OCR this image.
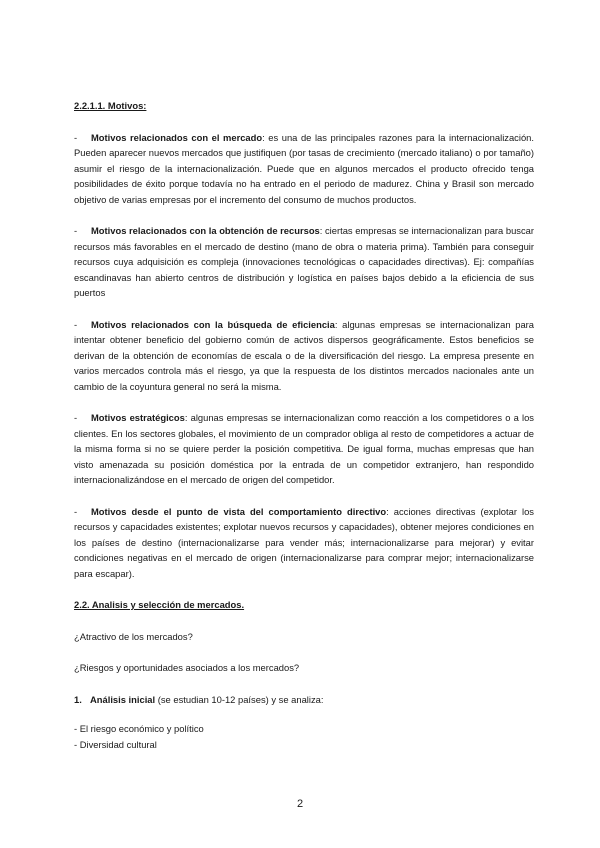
2.2.1.1. Motivos:

- Motivos relacionados con el mercado: es una de las principales razones para la internacionalización. Pueden aparecer nuevos mercados que justifiquen (por tasas de crecimiento (mercado italiano) o por tamaño) asumir el riesgo de la internacionalización. Puede que en algunos mercados el producto ofrecido tenga posibilidades de éxito porque todavía no ha entrado en el periodo de madurez. China y Brasil son mercado objetivo de varias empresas por el incremento del consumo de muchos productos.

- Motivos relacionados con la obtención de recursos: ciertas empresas se internacionalizan para buscar recursos más favorables en el mercado de destino (mano de obra o materia prima). También para conseguir recursos cuya adquisición es compleja (innovaciones tecnológicas o capacidades directivas). Ej: compañías escandinavas han abierto centros de distribución y logística en países bajos debido a la eficiencia de sus puertos

- Motivos relacionados con la búsqueda de eficiencia: algunas empresas se internacionalizan para intentar obtener beneficio del gobierno común de activos dispersos geográficamente. Estos beneficios se derivan de la obtención de economías de escala o de la diversificación del riesgo. La empresa presente en varios mercados controla más el riesgo, ya que la respuesta de los distintos mercados nacionales ante un cambio de la coyuntura general no será la misma.

- Motivos estratégicos: algunas empresas se internacionalizan como reacción a los competidores o a los clientes. En los sectores globales, el movimiento de un comprador obliga al resto de competidores a actuar de la misma forma si no se quiere perder la posición competitiva. De igual forma, muchas empresas que han visto amenazada su posición doméstica por la entrada de un competidor extranjero, han respondido internacionalizándose en el mercado de origen del competidor.

- Motivos desde el punto de vista del comportamiento directivo: acciones directivas (explotar los recursos y capacidades existentes; explotar nuevos recursos y capacidades), obtener mejores condiciones en los países de destino (internacionalizarse para vender más; internacionalizarse para mejorar) y evitar condiciones negativas en el mercado de origen (internacionalizarse para comprar mejor; internacionalizarse para escapar).

2.2. Analisis y selección de mercados.

¿Atractivo de los mercados?

¿Riesgos y oportunidades asociados a los mercados?

1. Análisis inicial (se estudian 10-12 países) y se analiza:

- El riesgo económico y político

- Diversidad cultural

2
